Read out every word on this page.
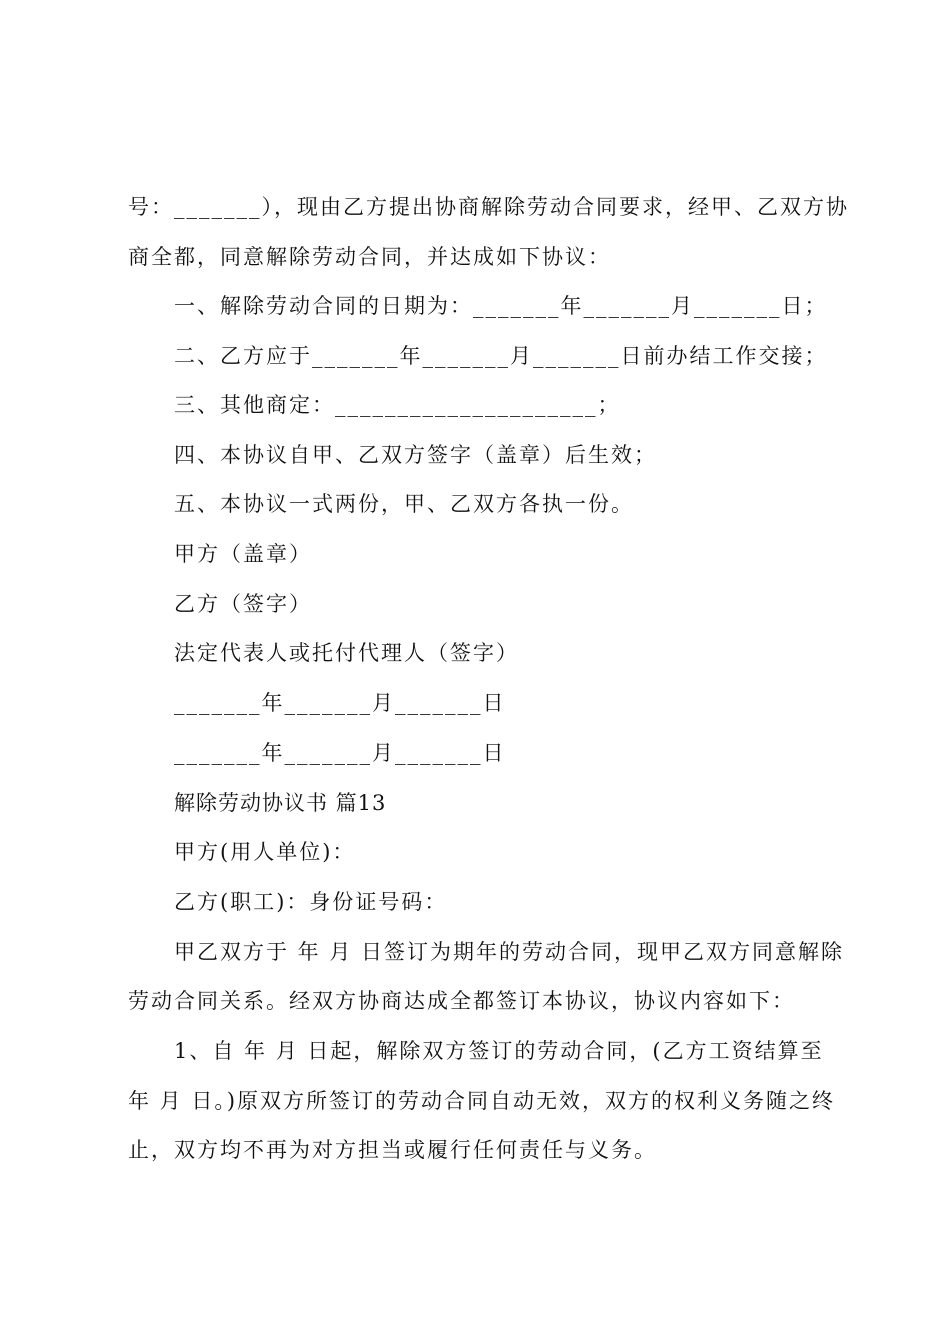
号：_______），现由乙方提出协商解除劳动合同要求，经甲、乙双方协
商全都，同意解除劳动合同，并达成如下协议：
一、解除劳动合同的日期为：_______年_______月_______日；
二、乙方应于_______年_______月_______日前办结工作交接；
三、其他商定：_____________________；
四、本协议自甲、乙双方签字（盖章）后生效；
五、本协议一式两份，甲、乙双方各执一份。
甲方（盖章）
乙方（签字）
法定代表人或托付代理人（签字）
_______年_______月_______日
_______年_______月_______日
解除劳动协议书 篇13
甲方(用人单位)：
乙方(职工)：身份证号码：
甲乙双方于 年 月 日签订为期年的劳动合同，现甲乙双方同意解除
劳动合同关系。经双方协商达成全都签订本协议，协议内容如下：
1、自 年 月 日起，解除双方签订的劳动合同，(乙方工资结算至
年 月 日。)原双方所签订的劳动合同自动无效，双方的权利义务随之终
止，双方均不再为对方担当或履行任何责任与义务。
